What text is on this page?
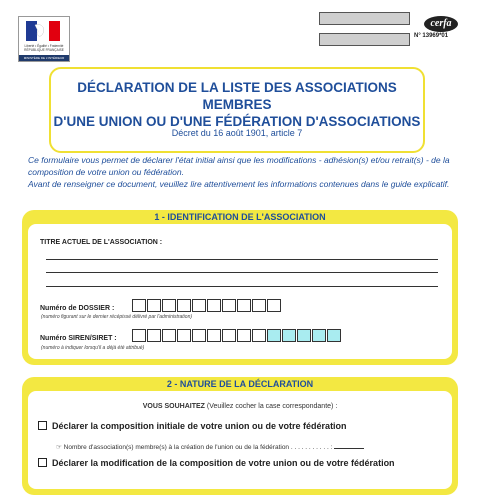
Liberté • Égalité • Fraternité RÉPUBLIQUE FRANÇAISE
MINISTÈRE DE L'INTÉRIEUR
cerfa
N° 13969*01
DÉCLARATION DE LA LISTE DES ASSOCIATIONS MEMBRES
D'UNE UNION OU D'UNE FÉDÉRATION D'ASSOCIATIONS
Décret du 16 août 1901, article 7

Ce formulaire vous permet de déclarer l'état initial ainsi que les modifications - adhésion(s) et/ou retrait(s) - de la composition de votre union ou fédération.

Avant de renseigner ce document, veuillez lire attentivement les informations contenues dans le guide explicatif.

1 - IDENTIFICATION DE L'ASSOCIATION
TITRE ACTUEL DE L'ASSOCIATION :
Numéro de DOSSIER :
(numéro figurant sur le dernier récépissé délivré par l'administration)
Numéro SIREN/SIRET :
(numéro à indiquer lorsqu'il a déjà été attribué)
2 - NATURE DE LA DÉCLARATION
VOUS SOUHAITEZ (Veuillez cocher la case correspondante) :
Déclarer la composition initiale de votre union ou de votre fédération
☞ Nombre d'association(s) membre(s) à la création de l'union ou de la fédération . . . . . . . . . . . :
Déclarer la modification de la composition de votre union ou de votre fédération
